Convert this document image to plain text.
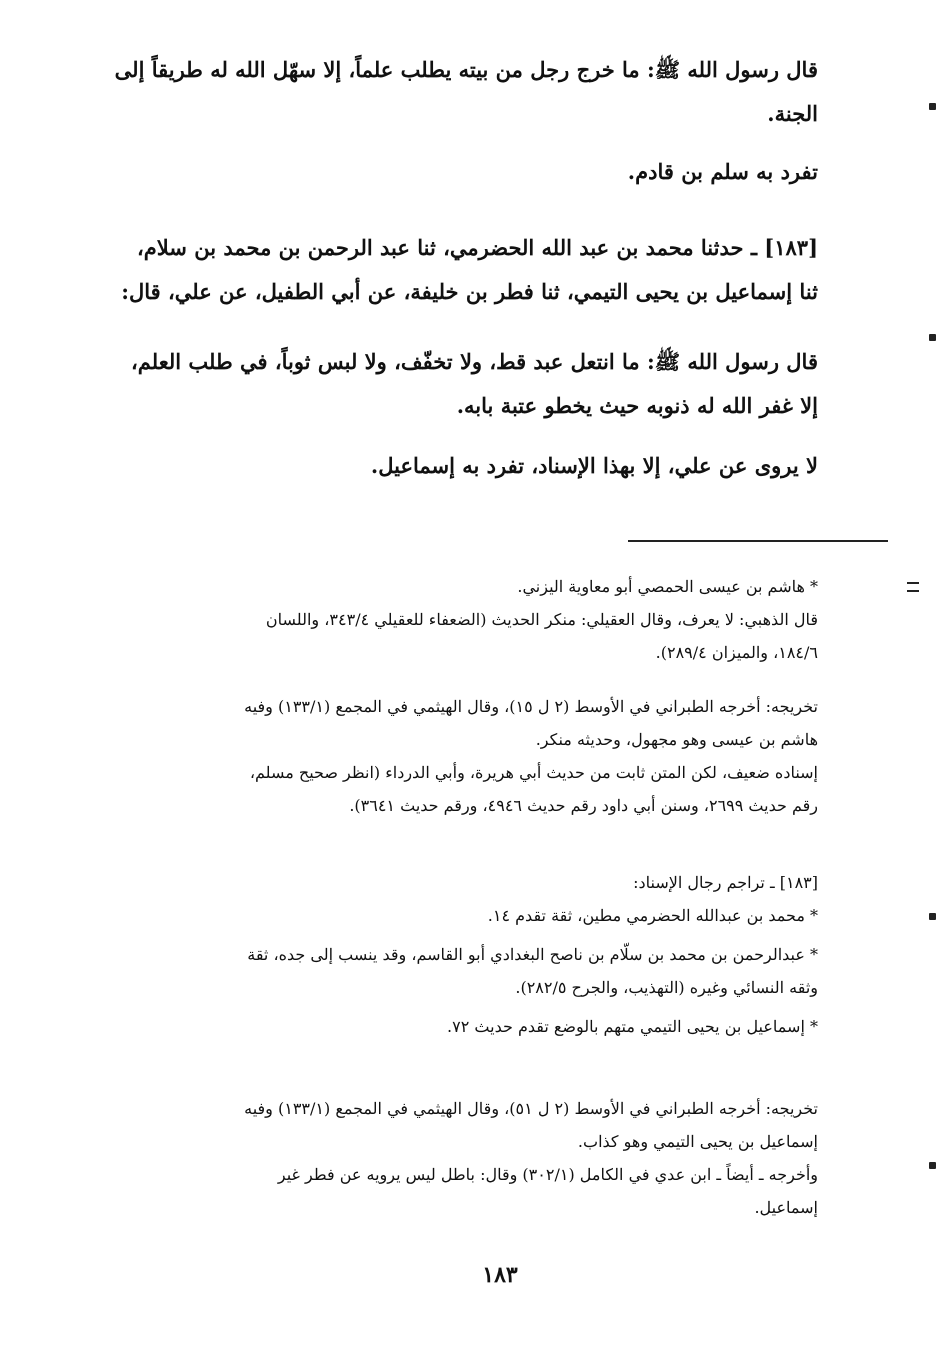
قال رسول الله ﷺ: ما خرج رجل من بيته يطلب علماً، إلا سهّل الله له طريقاً إلى
الجنة.
تفرد به سلم بن قادم.
[١٨٣] ـ حدثنا محمد بن عبد الله الحضرمي، ثنا عبد الرحمن بن محمد بن سلام،
ثنا إسماعيل بن يحيى التيمي، ثنا فطر بن خليفة، عن أبي الطفيل، عن علي، قال:
قال رسول الله ﷺ: ما انتعل عبد قط، ولا تخفّف، ولا لبس ثوباً، في طلب العلم،
إلا غفر الله له ذنوبه حيث يخطو عتبة بابه.
لا يروى عن علي، إلا بهذا الإسناد، تفرد به إسماعيل.
* هاشم بن عيسى الحمصي أبو معاوية اليزني.
قال الذهبي: لا يعرف، وقال العقيلي: منكر الحديث (الضعفاء للعقيلي ٣٤٣/٤، واللسان
١٨٤/٦، والميزان ٢٨٩/٤).
تخريجه: أخرجه الطبراني في الأوسط (٢ ل ١٥)، وقال الهيثمي في المجمع (١٣٣/١) وفيه
هاشم بن عيسى وهو مجهول، وحديثه منكر.
إسناده ضعيف، لكن المتن ثابت من حديث أبي هريرة، وأبي الدرداء (انظر صحيح مسلم،
رقم حديث ٢٦٩٩، وسنن أبي داود رقم حديث ٤٩٤٦، ورقم حديث ٣٦٤١).
[١٨٣] ـ تراجم رجال الإسناد:
* محمد بن عبدالله الحضرمي مطين، ثقة تقدم ١٤.
* عبدالرحمن بن محمد بن سلّام بن ناصح البغدادي أبو القاسم، وقد ينسب إلى جده، ثقة
وثقه النسائي وغيره (التهذيب، والجرح ٢٨٢/٥).
* إسماعيل بن يحيى التيمي متهم بالوضع تقدم حديث ٧٢.
تخريجه: أخرجه الطبراني في الأوسط (٢ ل ٥١)، وقال الهيثمي في المجمع (١٣٣/١) وفيه
إسماعيل بن يحيى التيمي وهو كذاب.
وأخرجه ـ أيضاً ـ ابن عدي في الكامل (٣٠٢/١) وقال: باطل ليس يرويه عن فطر غير
إسماعيل.
١٨٣
